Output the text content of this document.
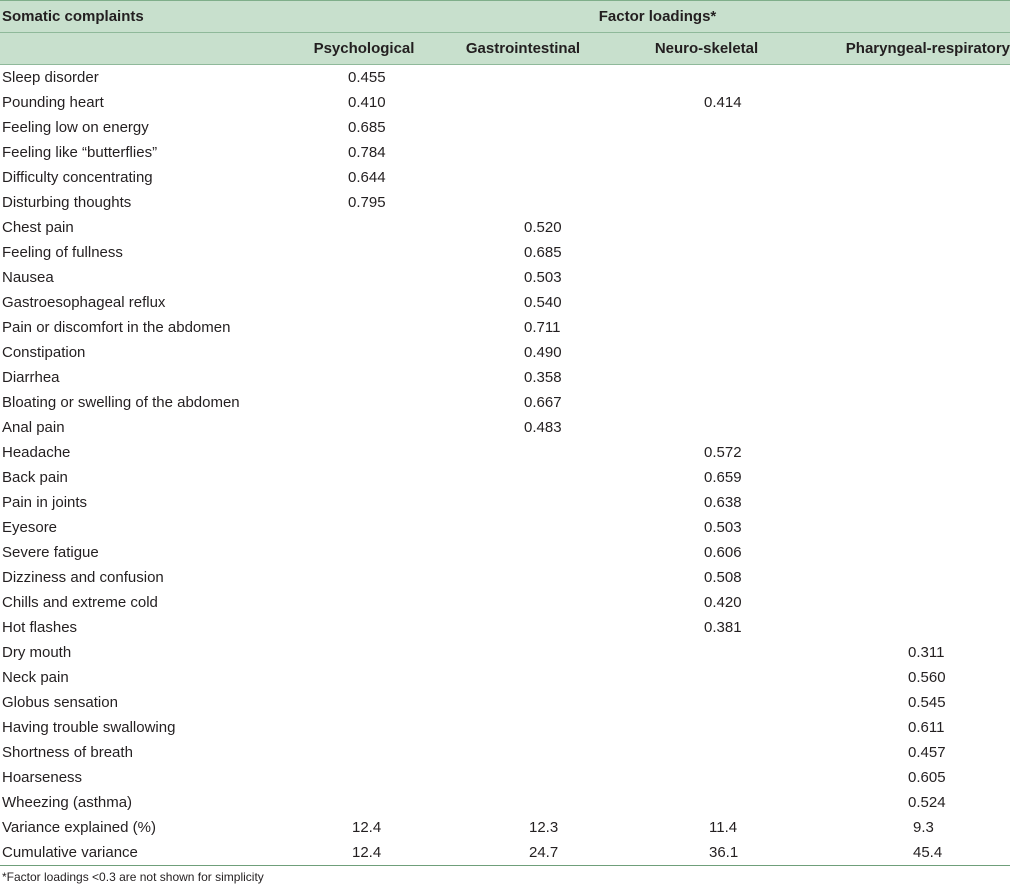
Somatic complaints	Factor loadings*			
	Psychological	Gastrointestinal	Neuro-skeletal	Pharyngeal-respiratory
Sleep disorder	0.455			
Pounding heart	0.410		0.414	
Feeling low on energy	0.685			
Feeling like “butterflies”	0.784			
Difficulty concentrating	0.644			
Disturbing thoughts	0.795			
Chest pain		0.520		
Feeling of fullness		0.685		
Nausea		0.503		
Gastroesophageal reflux		0.540		
Pain or discomfort in the abdomen		0.711		
Constipation		0.490		
Diarrhea		0.358		
Bloating or swelling of the abdomen		0.667		
Anal pain		0.483		
Headache			0.572	
Back pain			0.659	
Pain in joints			0.638	
Eyesore			0.503	
Severe fatigue			0.606	
Dizziness and confusion			0.508	
Chills and extreme cold			0.420	
Hot flashes			0.381	
Dry mouth				0.311
Neck pain				0.560
Globus sensation				0.545
Having trouble swallowing				0.611
Shortness of breath				0.457
Hoarseness				0.605
Wheezing (asthma)				0.524
Variance explained (%)	12.4	12.3	11.4	9.3
Cumulative variance	12.4	24.7	36.1	45.4
*Factor loadings <0.3 are not shown for simplicity
